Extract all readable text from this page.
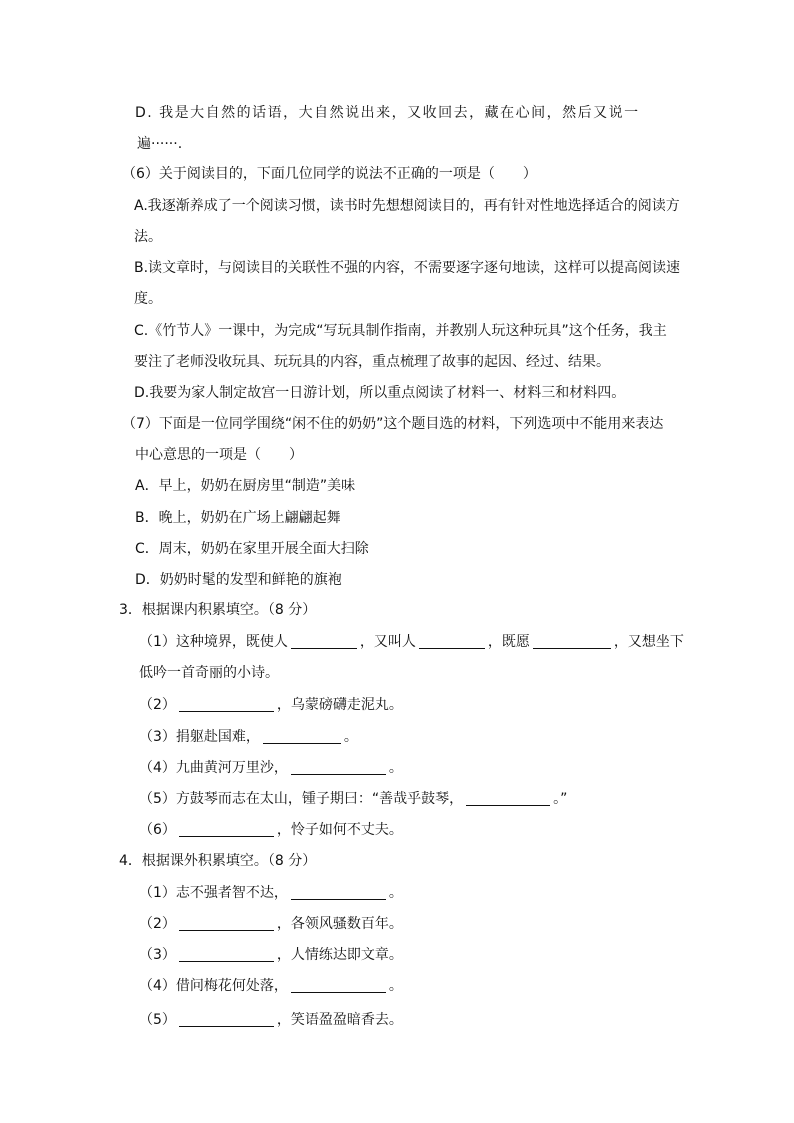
D. 我是大自然的话语，大自然说出来，又收回去，藏在心间，然后又说一
遍······.
（6）关于阅读目的，下面几位同学的说法不正确的一项是（　　）
A.我逐渐养成了一个阅读习惯，读书时先想想阅读目的，再有针对性地选择适合的阅读方
法。
B.读文章时，与阅读目的关联性不强的内容，不需要逐字逐句地读，这样可以提高阅读速
度。
C.《竹节人》一课中，为完成“写玩具制作指南，并教别人玩这种玩具”这个任务，我主
要注了老师没收玩具、玩玩具的内容，重点梳理了故事的起因、经过、结果。
D.我要为家人制定故宫一日游计划，所以重点阅读了材料一、材料三和材料四。
（7）下面是一位同学围绕“闲不住的奶奶”这个题目选的材料，下列选项中不能用来表达
中心意思的一项是（　　）
A．早上，奶奶在厨房里“制造”美味
B．晚上，奶奶在广场上翩翩起舞
C．周末，奶奶在家里开展全面大扫除
D．奶奶时髦的发型和鲜艳的旗袍
3．根据课内积累填空。（8 分）
（1）这种境界，既使人	，又叫人	，既愿	，又想坐下
低吟一首奇丽的小诗。
（2）	，乌蒙磅礴走泥丸。
（3）捐躯赴国难，	。
（4）九曲黄河万里沙，	。
（5）方鼓琴而志在太山，锺子期曰：“善哉乎鼓琴，	。”
（6）	，怜子如何不丈夫。
4．根据课外积累填空。（8 分）
（1）志不强者智不达，	。
（2）	，各领风骚数百年。
（3）	，人情练达即文章。
（4）借问梅花何处落，	。
（5）	，笑语盈盈暗香去。
